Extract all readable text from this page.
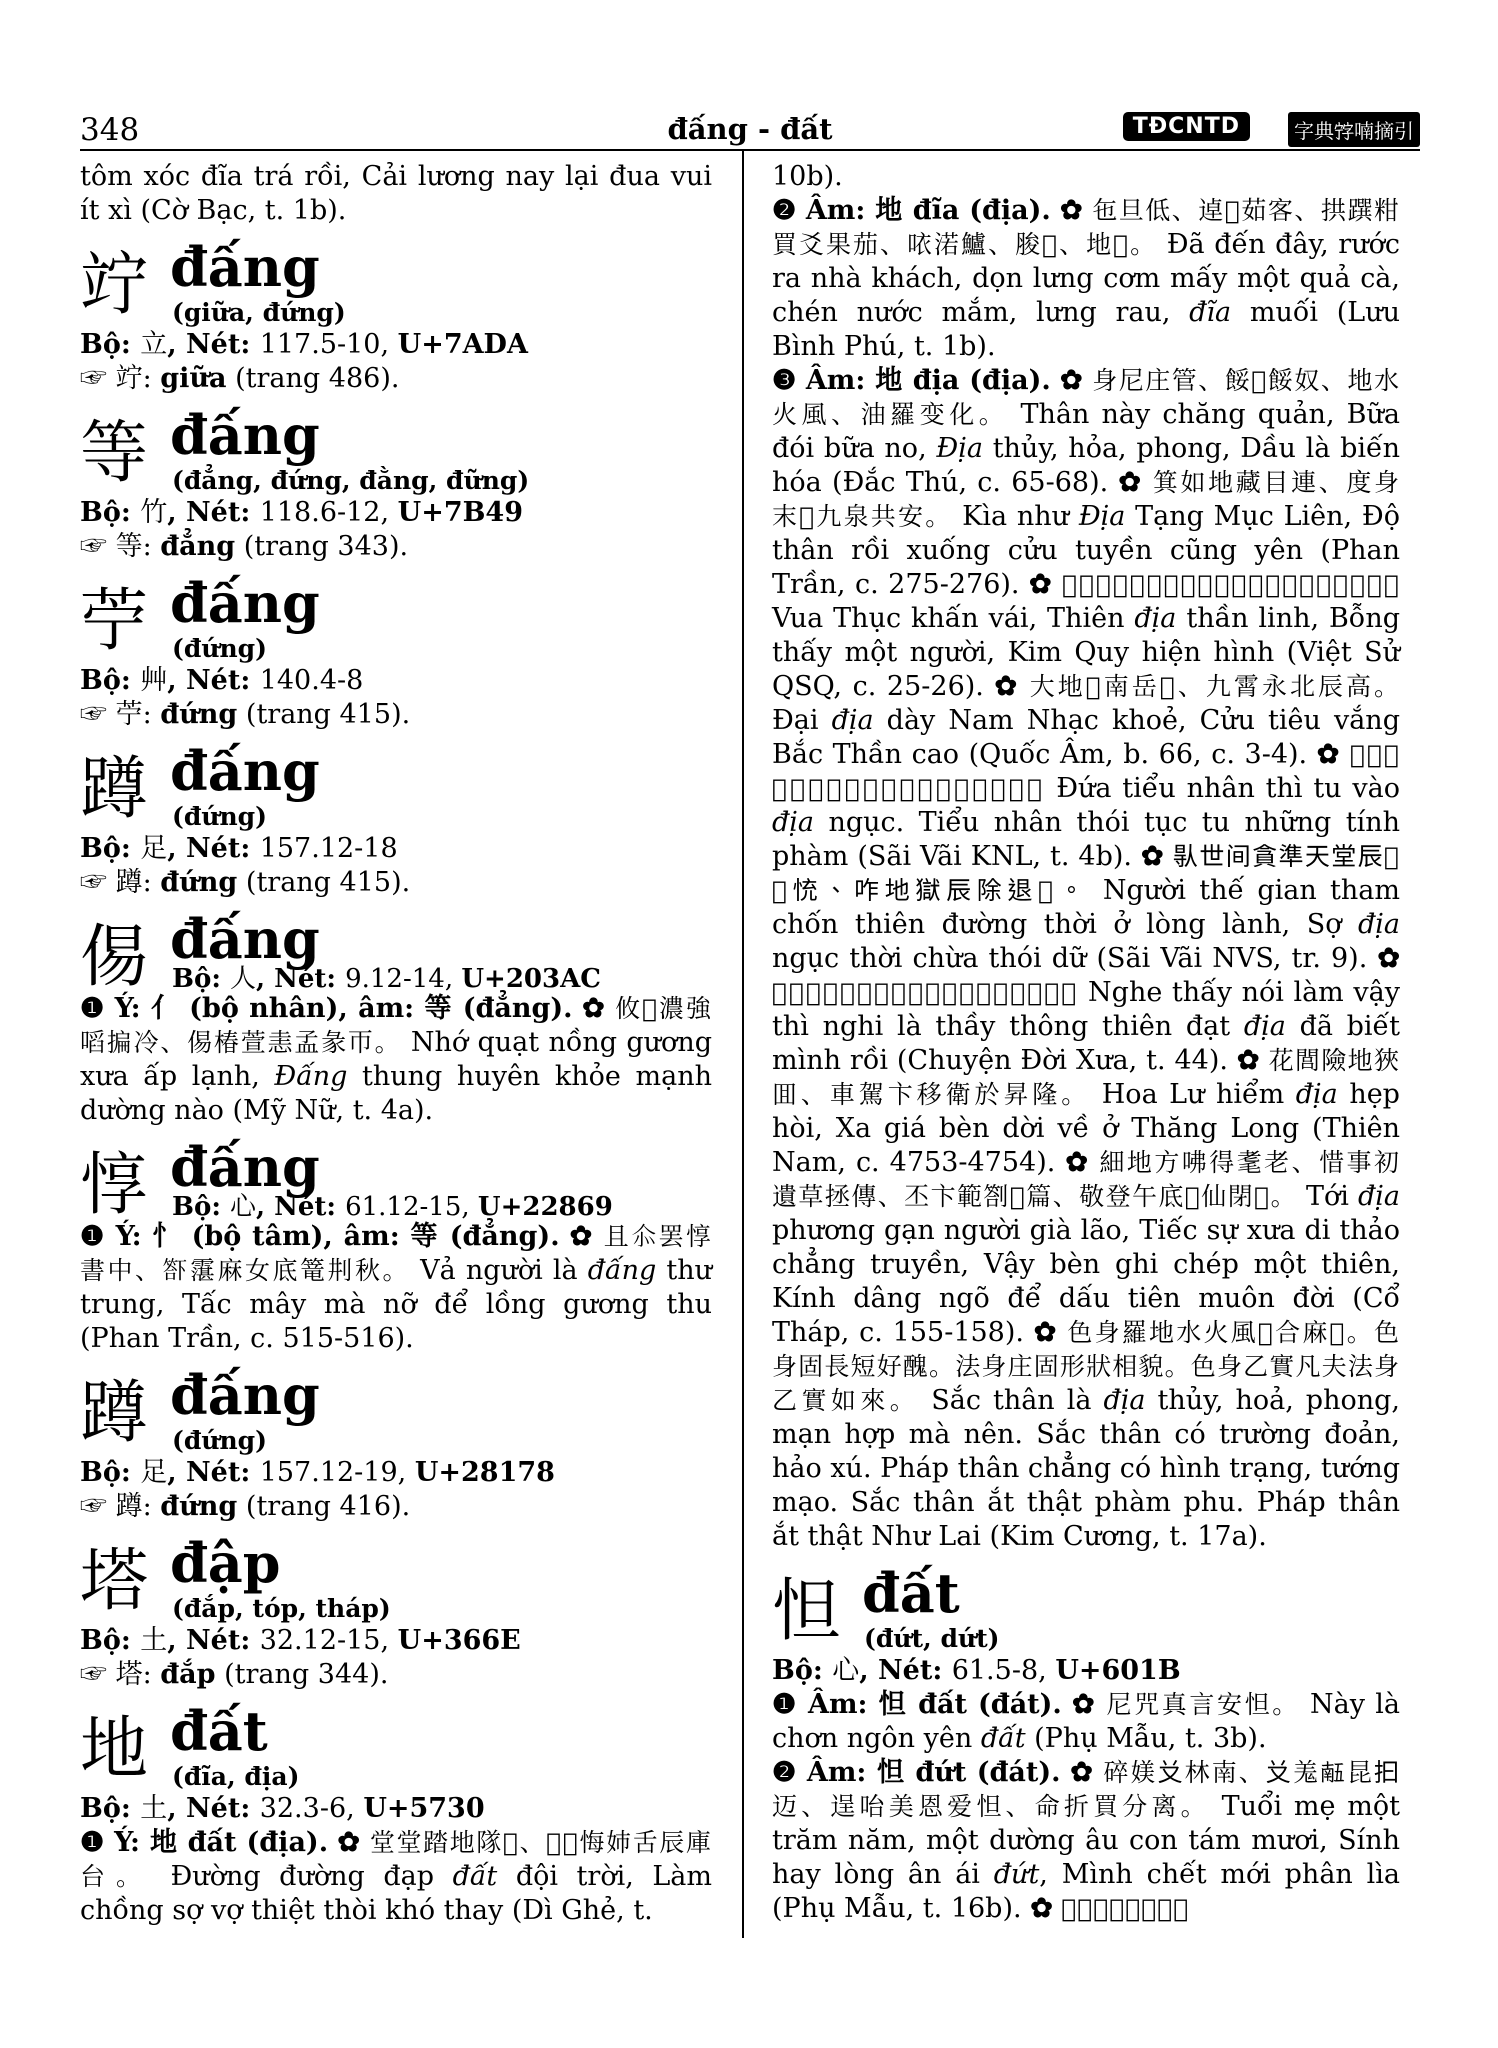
348	đấng - đất	TĐCNTD	字典𡨸喃摘引

tôm xóc đĩa trá rồi, Cải lương nay lại đua vui ít xì (Cờ Bạc, t. 1b).

竚 đấng
(giữa, đứng)

Bộ: 立, Nét: 117.5-10, U+7ADA

☞ 竚: giữa (trang 486).

等 đấng
(đẳng, đứng, đằng, đững)

Bộ: 竹, Nét: 118.6-12, U+7B49

☞ 等: đẳng (trang 343).

苧 đấng
(đứng)

Bộ: 艸, Nét: 140.4-8

☞ 苧: đứng (trang 415).

蹲 đấng
(đứng)

Bộ: 足, Nét: 157.12-18

☞ 蹲: đứng (trang 415).

㑥 đấng
Bộ: 人, Nét: 9.12-14, U+203AC

❶ Ý: 亻 (bộ nhân), âm: 等 (đẳng). ✿ 攸𪝬濃強㗖揙冷、㑥椿萱恚孟彖帀。 Nhớ quạt nồng gương xưa ấp lạnh, Đấng thung huyên khỏe mạnh dường nào (Mỹ Nữ, t. 4a).

惇 đấng
Bộ: 心, Nét: 61.12-15, U+22869

❶ Ý: 忄 (bộ tâm), âm: 等 (đẳng). ✿ 且𠇍罢惇書中、𥰊霮麻女底篭㓝秋。 Vả người là đấng thư trung, Tấc mây mà nỡ để lồng gương thu (Phan Trần, c. 515-516).

蹲 đấng
(đứng)

Bộ: 足, Nét: 157.12-19, U+28178

☞ 蹲: đứng (trang 416).

塔 đập
(đắp, tóp, tháp)

Bộ: 土, Nét: 32.12-15, U+366E

☞ 塔: đắp (trang 344).

地 đất
(đĩa, địa)

Bộ: 土, Nét: 32.3-6, U+5730

❶ Ý: 地 đất (địa). ✿ 堂堂踏地隊𡗶、𠄩𠀧悔姉舌辰庫台。 Đường đường đạp đất đội trời, Làm chồng sợ vợ thiệt thòi khó thay (Dì Ghẻ, t.

10b).

❷ Âm: 地 đĩa (địa). ✿ 㐌旦低、逴𦖑茹客、拱䠣粓買爻果茄、𠲖渃鱸、脧𡢼、地𥸷。 Đã đến đây, rước ra nhà khách, dọn lưng cơm mấy một quả cà, chén nước mắm, lưng rau, đĩa muối (Lưu Bình Phú, t. 1b).

❸ Âm: 地 địa (địa). ✿ 身尼庄管、餒𣅶餒奴、地水火風、油羅变化。 Thân này chăng quản, Bữa đói bữa no, Địa thủy, hỏa, phong, Dầu là biến hóa (Đắc Thú, c. 65-68). ✿ 箕如地藏目連、度身末𨕭九泉共安。 Kìa như Địa Tạng Mục Liên, Độ thân rồi xuống cửu tuyền cũng yên (Phan Trần, c. 275-276). ✿ 𢪀蜀𠽖吚、天地神灵、俸𥉫沒得、金龜現形。 Vua Thục khấn vái, Thiên địa thần linh, Bỗng thấy một người, Kim Quy hiện hình (Việt Sử QSQ, c. 25-26). ✿ 大地𠶋南岳𡓮、九霄永北辰高。 Đại địa dày Nam Nhạc khoẻ, Cửu tiêu vắng Bắc Thần cao (Quốc Âm, b. 66, c. 3-4). ✿ 𨔍小人時修𠓨地獄、小人退俗修仍性凡。 Đứa tiểu nhân thì tu vào địa ngục. Tiểu nhân thói tục tu những tính phàm (Sãi Vãi KNL, t. 4b). ✿ 𠊛世间貪準天堂辰𡎝𢙇㤝、咋地獄辰除退𠎪。 Người thế gian tham chốn thiên đường thời ở lòng lành, Sợ địa ngục thời chừa thói dữ (Sãi Vãi NVS, tr. 9). ✿ 𦖑柴呐𠮩𡗶時疑𢜝柴通天達地㐌別命末。 Nghe thấy nói làm vậy thì nghi là thầy thông thiên đạt địa đã biết mình rồi (Chuyện Đời Xưa, t. 44). ✿ 花閭險地狹囬、車駕卞移衛於昇隆。 Hoa Lư hiểm địa hẹp hòi, Xa giá bèn dời về ở Thăng Long (Thiên Nam, c. 4753-4754). ✿ 細地方咈得耄老、惜事初遺草拯傳、丕卞範劄𡗉篇、敬登午底𨕭仙閉𣈜。 Tới địa phương gạn người già lão, Tiếc sự xưa di thảo chẳng truyền, Vậy bèn ghi chép một thiên, Kính dâng ngõ để dấu tiên muôn đời (Cổ Tháp, c. 155-158). ✿ 色身羅地水火風𢟉合麻𢧚。色身固長短好醜。法身庄固形狀相貌。色身乙實凡夫法身乙實如來。 Sắc thân là địa thủy, hoả, phong, mạn hợp mà nên. Sắc thân có trường đoản, hảo xú. Pháp thân chẳng có hình trạng, tướng mạo. Sắc thân ắt thật phàm phu. Pháp thân ắt thật Như Lai (Kim Cương, t. 17a).

怛 đất
(đứt, dứt)

Bộ: 心, Nét: 61.5-8, U+601B

❶ Âm: 怛 đất (đát). ✿ 尼咒真言安怛。 Này là chơn ngôn yên đất (Phụ Mẫu, t. 3b).

❷ Âm: 怛 đứt (đát). ✿ 碎媄𠬠林南、𠬠羗𠄼昆𢪏迈、逞咍美恩爱怛、命折買分离。 Tuổi mẹ một trăm năm, một dường âu con tám mươi, Sính hay lòng ân ái đứt, Mình chết mới phân lìa (Phụ Mẫu, t. 16b). ✿ 𦀊怛坤拎婆馭𠎪、
